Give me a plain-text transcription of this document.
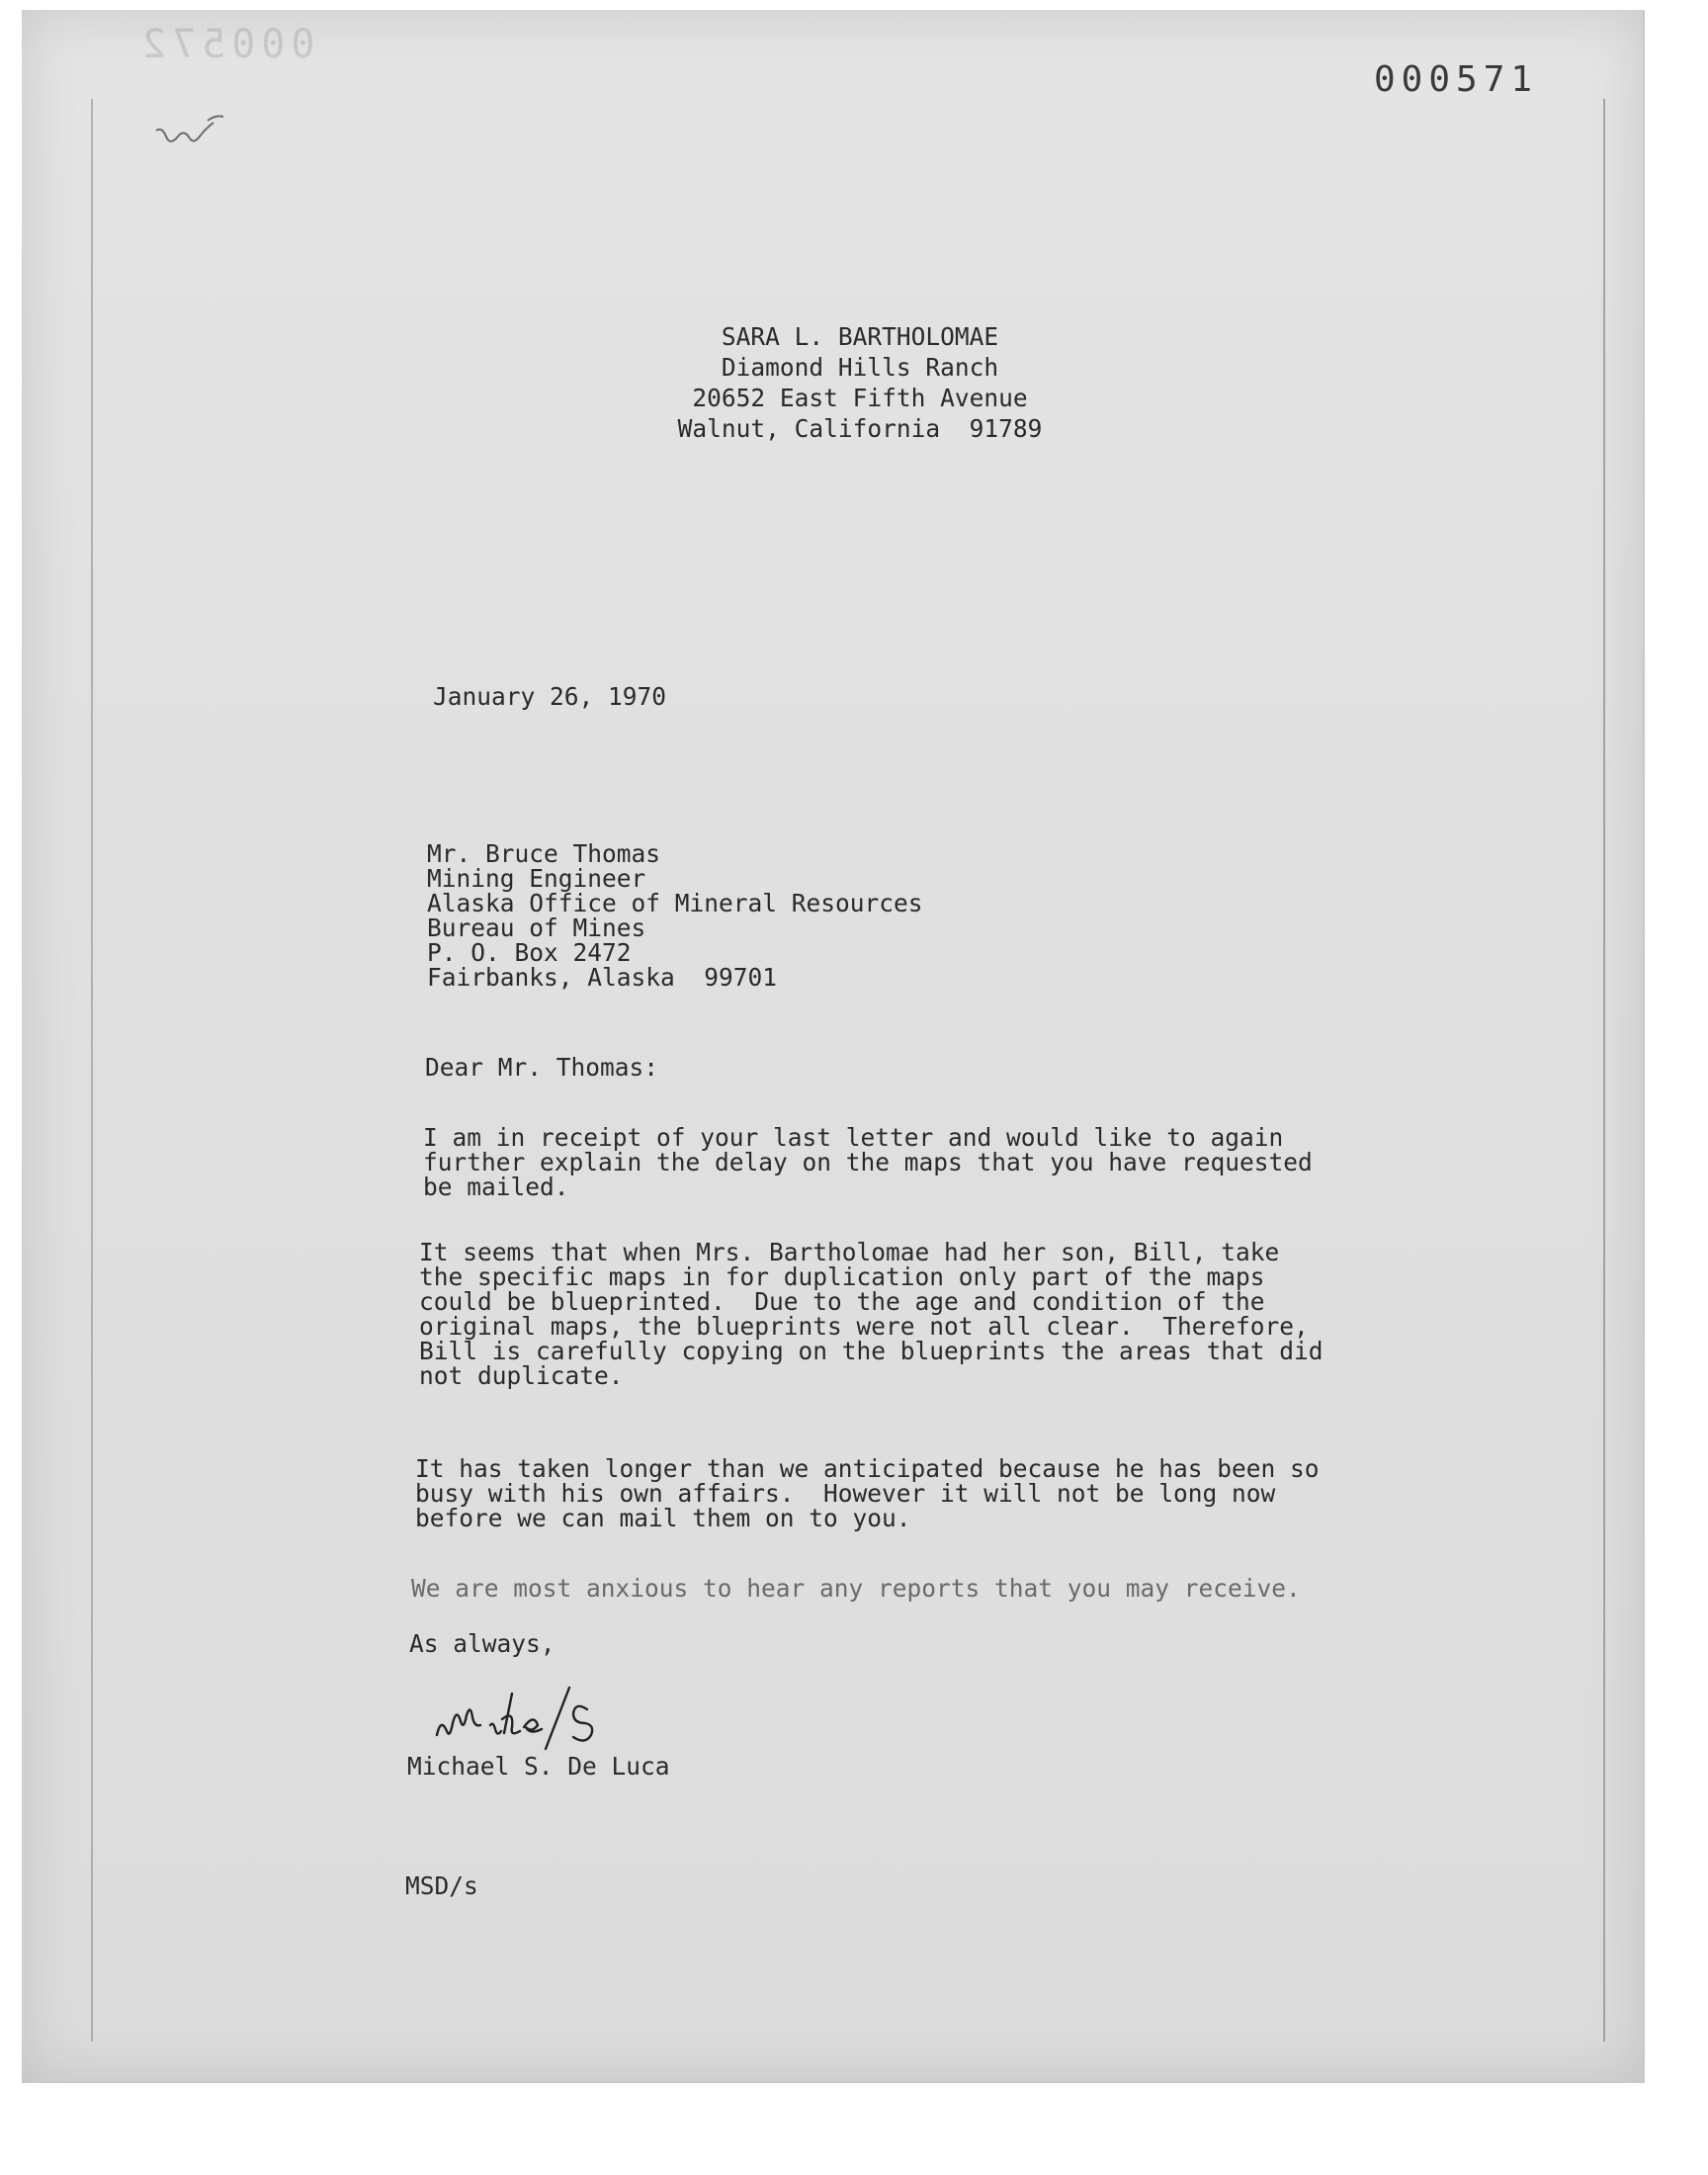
000572
000571
SARA L. BARTHOLOMAE
Diamond Hills Ranch
20652 East Fifth Avenue
Walnut, California  91789
January 26, 1970
Mr. Bruce Thomas
Mining Engineer
Alaska Office of Mineral Resources
Bureau of Mines
P. O. Box 2472
Fairbanks, Alaska  99701
Dear Mr. Thomas:
I am in receipt of your last letter and would like to again
further explain the delay on the maps that you have requested
be mailed.
It seems that when Mrs. Bartholomae had her son, Bill, take
the specific maps in for duplication only part of the maps
could be blueprinted.  Due to the age and condition of the
original maps, the blueprints were not all clear.  Therefore,
Bill is carefully copying on the blueprints the areas that did
not duplicate.
It has taken longer than we anticipated because he has been so
busy with his own affairs.  However it will not be long now
before we can mail them on to you.
We are most anxious to hear any reports that you may receive.
As always,
Michael S. De Luca
MSD/s
